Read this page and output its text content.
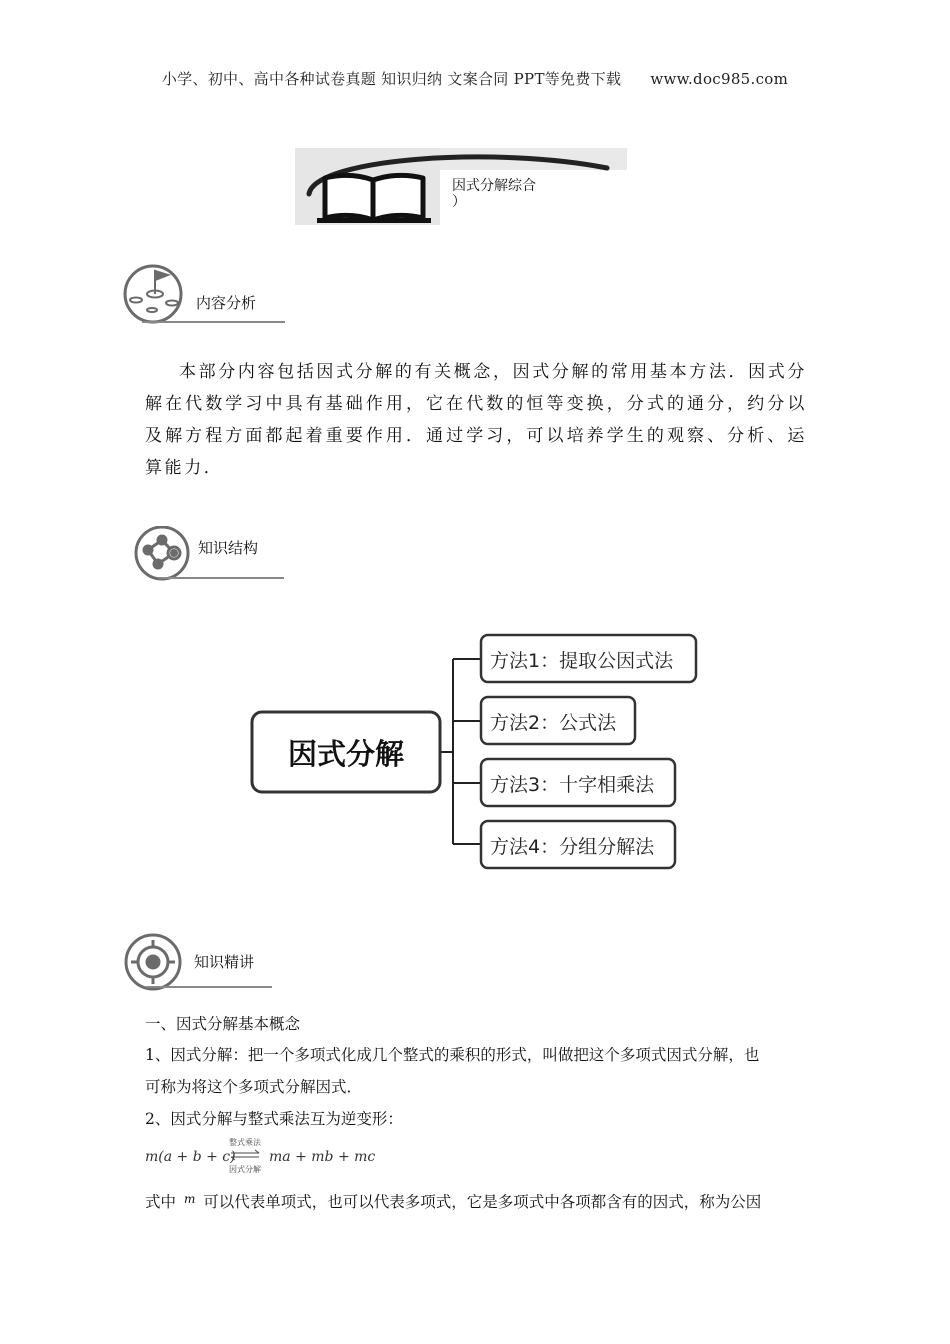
小学、初中、高中各种试卷真题 知识归纳 文案合同 PPT等免费下载 www.doc985.com
因式分解综合
）
内容分析

本部分内容包括因式分解的有关概念，因式分解的常用基本方法．因式分解在代数学习中具有基础作用，它在代数的恒等变换，分式的通分，约分以及解方程方面都起着重要作用．通过学习，可以培养学生的观察、分析、运算能力．

知识结构
因式分解
方法1：提取公因式法
方法2：公式法
方法3：十字相乘法
方法4：分组分解法
知识精讲
一、因式分解基本概念
1、因式分解：把一个多项式化成几个整式的乘积的形式，叫做把这个多项式因式分解，也
可称为将这个多项式分解因式．
2、因式分解与整式乘法互为逆变形：
m(a + b + c)
整式乘法
因式分解
ma + mb + mc
式中 $^m$ 可以代表单项式，也可以代表多项式，它是多项式中各项都含有的因式，称为公因
